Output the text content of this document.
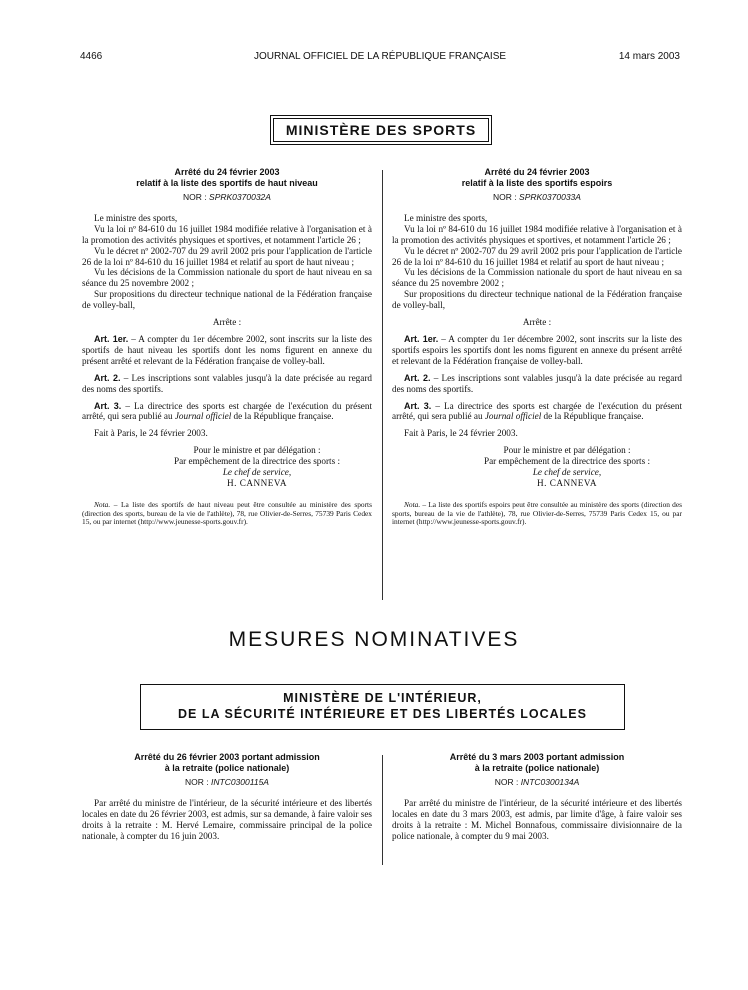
4466	JOURNAL OFFICIEL DE LA RÉPUBLIQUE FRANÇAISE	14 mars 2003
MINISTÈRE DES SPORTS
Arrêté du 24 février 2003
relatif à la liste des sportifs de haut niveau
NOR : SPRK0370032A

Le ministre des sports,

Vu la loi nº 84-610 du 16 juillet 1984 modifiée relative à l'organisation et à la promotion des activités physiques et sportives, et notamment l'article 26 ;

Vu le décret nº 2002-707 du 29 avril 2002 pris pour l'application de l'article 26 de la loi nº 84-610 du 16 juillet 1984 et relatif au sport de haut niveau ;

Vu les décisions de la Commission nationale du sport de haut niveau en sa séance du 25 novembre 2002 ;

Sur propositions du directeur technique national de la Fédération française de volley-ball,

Arrête :

Art. 1er. – A compter du 1er décembre 2002, sont inscrits sur la liste des sportifs de haut niveau les sportifs dont les noms figurent en annexe du présent arrêté et relevant de la Fédération française de volley-ball.

Art. 2. – Les inscriptions sont valables jusqu'à la date précisée au regard des noms des sportifs.

Art. 3. – La directrice des sports est chargée de l'exécution du présent arrêté, qui sera publié au Journal officiel de la République française.

Fait à Paris, le 24 février 2003.

Pour le ministre et par délégation :

Par empêchement de la directrice des sports :

Le chef de service,

H. CANNEVA

Nota. – La liste des sportifs de haut niveau peut être consultée au ministère des sports (direction des sports, bureau de la vie de l'athlète), 78, rue Olivier-de-Serres, 75739 Paris Cedex 15, ou par internet (http://www.jeunesse-sports.gouv.fr).

Arrêté du 24 février 2003
relatif à la liste des sportifs espoirs
NOR : SPRK0370033A

Le ministre des sports,

Vu la loi nº 84-610 du 16 juillet 1984 modifiée relative à l'organisation et à la promotion des activités physiques et sportives, et notamment l'article 26 ;

Vu le décret nº 2002-707 du 29 avril 2002 pris pour l'application de l'article 26 de la loi nº 84-610 du 16 juillet 1984 et relatif au sport de haut niveau ;

Vu les décisions de la Commission nationale du sport de haut niveau en sa séance du 25 novembre 2002 ;

Sur propositions du directeur technique national de la Fédération française de volley-ball,

Arrête :

Art. 1er. – A compter du 1er décembre 2002, sont inscrits sur la liste des sportifs espoirs les sportifs dont les noms figurent en annexe du présent arrêté et relevant de la Fédération française de volley-ball.

Art. 2. – Les inscriptions sont valables jusqu'à la date précisée au regard des noms des sportifs.

Art. 3. – La directrice des sports est chargée de l'exécution du présent arrêté, qui sera publié au Journal officiel de la République française.

Fait à Paris, le 24 février 2003.

Pour le ministre et par délégation :

Par empêchement de la directrice des sports :

Le chef de service,

H. CANNEVA

Nota. – La liste des sportifs espoirs peut être consultée au ministère des sports (direction des sports, bureau de la vie de l'athlète), 78, rue Olivier-de-Serres, 75739 Paris Cedex 15, ou par internet (http://www.jeunesse-sports.gouv.fr).

MESURES NOMINATIVES
MINISTÈRE DE L'INTÉRIEUR,
DE LA SÉCURITÉ INTÉRIEURE ET DES LIBERTÉS LOCALES
Arrêté du 26 février 2003 portant admission
à la retraite (police nationale)
NOR : INTC0300115A

Par arrêté du ministre de l'intérieur, de la sécurité intérieure et des libertés locales en date du 26 février 2003, est admis, sur sa demande, à faire valoir ses droits à la retraite : M. Hervé Lemaire, commissaire principal de la police nationale, à compter du 16 juin 2003.

Arrêté du 3 mars 2003 portant admission
à la retraite (police nationale)
NOR : INTC0300134A

Par arrêté du ministre de l'intérieur, de la sécurité intérieure et des libertés locales en date du 3 mars 2003, est admis, par limite d'âge, à faire valoir ses droits à la retraite : M. Michel Bonnafous, commissaire divisionnaire de la police nationale, à compter du 9 mai 2003.
